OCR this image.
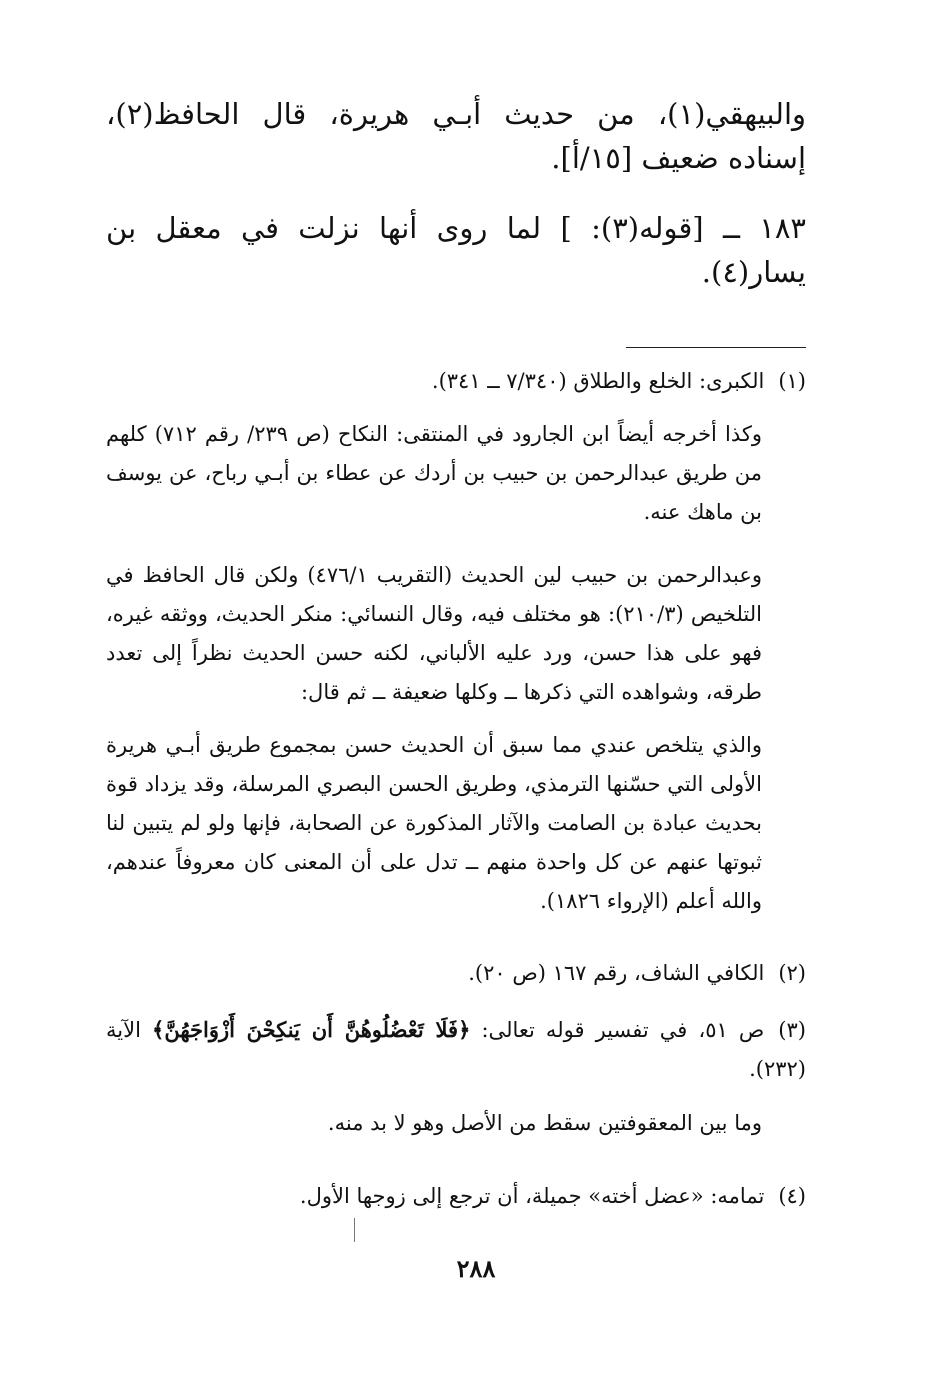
والبيهقي(١)، من حديث أبـي هريرة، قال الحافظ(٢)، إسناده ضعيف [١٥/أ].

١٨٣ ــ [قوله(٣): ] لما روى أنها نزلت في معقل بن يسار(٤).

(١)الكبرى: الخلع والطلاق (٧/٣٤٠ ــ ٣٤١).

وكذا أخرجه أيضاً ابن الجارود في المنتقى: النكاح (ص ٢٣٩/ رقم ٧١٢) كلهم من طريق عبدالرحمن بن حبيب بن أردك عن عطاء بن أبـي رباح، عن يوسف بن ماهك عنه.

وعبدالرحمن بن حبيب لين الحديث (التقريب ٤٧٦/١) ولكن قال الحافظ في التلخيص (٢١٠/٣): هو مختلف فيه، وقال النسائي: منكر الحديث، ووثقه غيره، فهو على هذا حسن، ورد عليه الألباني، لكنه حسن الحديث نظراً إلى تعدد طرقه، وشواهده التي ذكرها ــ وكلها ضعيفة ــ ثم قال:

والذي يتلخص عندي مما سبق أن الحديث حسن بمجموع طريق أبـي هريرة الأولى التي حسّنها الترمذي، وطريق الحسن البصري المرسلة، وقد يزداد قوة بحديث عبادة بن الصامت والآثار المذكورة عن الصحابة، فإنها ولو لم يتبين لنا ثبوتها عنهم عن كل واحدة منهم ــ تدل على أن المعنى كان معروفاً عندهم، والله أعلم (الإرواء ١٨٢٦).

(٢)الكافي الشاف، رقم ١٦٧ (ص ٢٠).

(٣)ص ٥١، في تفسير قوله تعالى: ﴿فَلَا تَعْضُلُوهُنَّ أَن يَنكِحْنَ أَزْوَاجَهُنَّ﴾ الآية (٢٣٢).

وما بين المعقوفتين سقط من الأصل وهو لا بد منه.

(٤)تمامه: «عضل أخته» جميلة، أن ترجع إلى زوجها الأول.

٢٨٨
